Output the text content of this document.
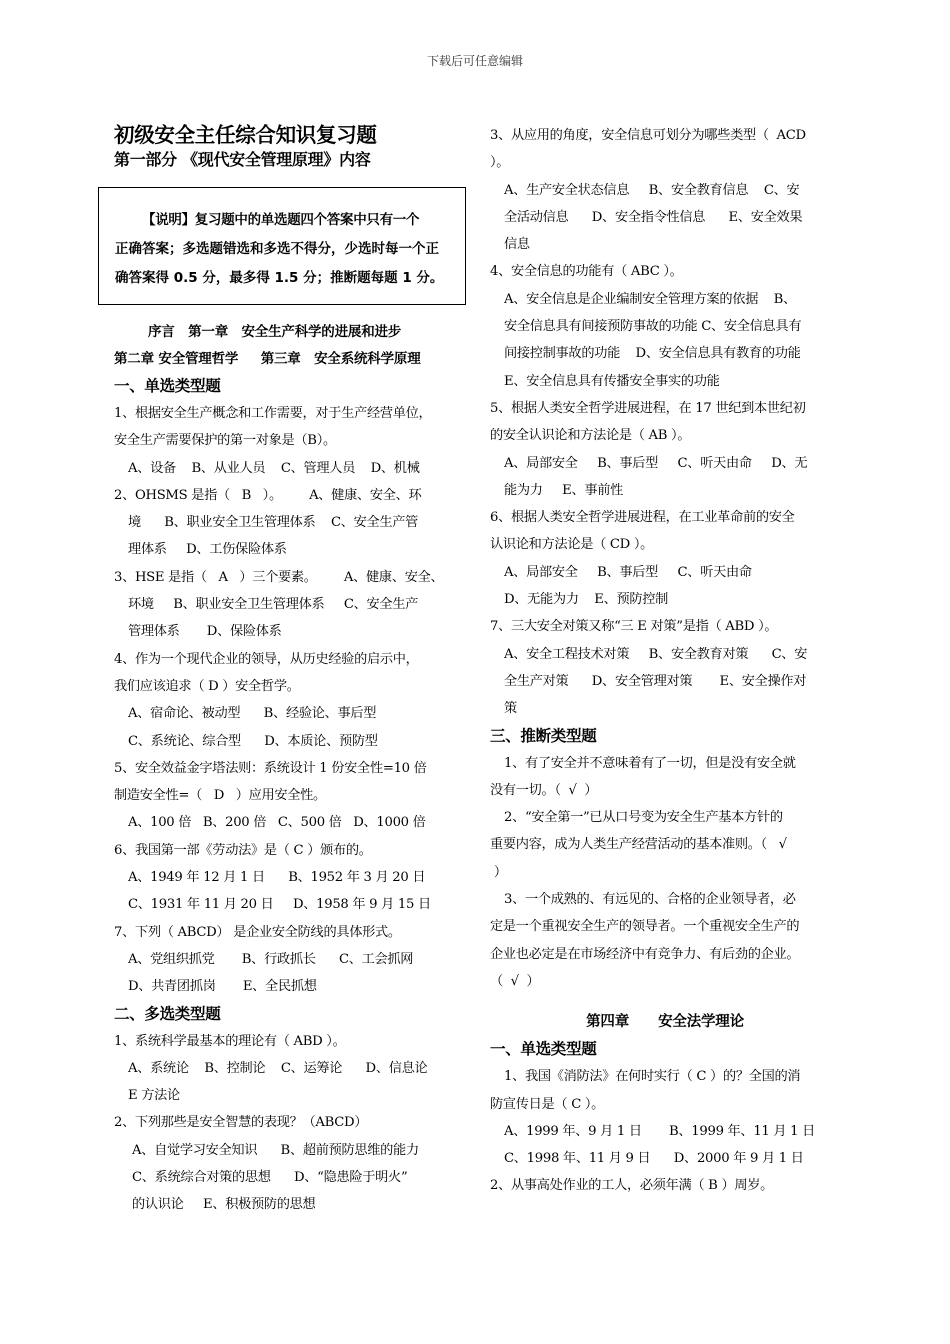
下载后可任意编辑
初级安全主任综合知识复习题
第一部分 《现代安全管理原理》内容
【说明】复习题中的单选题四个答案中只有一个
正确答案；多选题错选和多选不得分，少选时每一个正
确答案得 0.5 分，最多得 1.5 分；推断题每题 1 分。
序言   第一章   安全生产科学的进展和进步
第二章 安全管理哲学     第三章   安全系统科学原理
一、单选类型题
1、根据安全生产概念和工作需要，对于生产经营单位，
安全生产需要保护的第一对象是（B）。
A、设备    B、从业人员    C、管理人员    D、机械
2、OHSMS 是指（   B   ）。       A、健康、安全、环
境      B、职业安全卫生管理体系    C、安全生产管
理体系     D、工伤保险体系
3、HSE 是指（   A   ）三个要素。       A、健康、安全、
环境     B、职业安全卫生管理体系     C、安全生产
管理体系       D、保险体系
4、作为一个现代企业的领导，从历史经验的启示中，
我们应该追求（ D ）安全哲学。
A、宿命论、被动型      B、经验论、事后型
C、系统论、综合型      D、本质论、预防型
5、安全效益金字塔法则：系统设计 1 份安全性=10 倍
制造安全性=（   D   ）应用安全性。
A、100 倍   B、200 倍   C、500 倍   D、1000 倍
6、我国第一部《劳动法》是（ C ）颁布的。
A、1949 年 12 月 1 日      B、1952 年 3 月 20 日
C、1931 年 11 月 20 日     D、1958 年 9 月 15 日
7、下列（ ABCD） 是企业安全防线的具体形式。
A、党组织抓党       B、行政抓长      C、工会抓网
D、共青团抓岗       E、全民抓想
二、多选类型题
1、系统科学最基本的理论有（ ABD ）。
A、系统论    B、控制论    C、运筹论      D、信息论
E 方法论
2、下列那些是安全智慧的表现？（ABCD）
A、自觉学习安全知识      B、超前预防思维的能力
C、系统综合对策的思想      D、“隐患险于明火”
的认识论     E、积极预防的思想
3、从应用的角度，安全信息可划分为哪些类型（  ACD
）。
A、生产安全状态信息     B、安全教育信息    C、安
全活动信息      D、安全指令性信息      E、安全效果
信息
4、安全信息的功能有（ ABC ）。
A、安全信息是企业编制安全管理方案的依据    B、
安全信息具有间接预防事故的功能 C、安全信息具有
间接控制事故的功能    D、安全信息具有教育的功能
E、安全信息具有传播安全事实的功能
5、根据人类安全哲学进展进程，在 17 世纪到本世纪初
的安全认识论和方法论是（ AB ）。
A、局部安全     B、事后型     C、听天由命     D、无
能为力     E、事前性
6、根据人类安全哲学进展进程，在工业革命前的安全
认识论和方法论是（ CD ）。
A、局部安全     B、事后型     C、听天由命
D、无能为力    E、预防控制
7、三大安全对策又称“三 E 对策”是指（ ABD ）。
A、安全工程技术对策     B、安全教育对策      C、安
全生产对策      D、安全管理对策       E、安全操作对
策
三、推断类型题
1、有了安全并不意味着有了一切，但是没有安全就
没有一切。（  √  ）
2、“安全第一”已从口号变为安全生产基本方针的
重要内容，成为人类生产经营活动的基本准则。（   √
）
3、一个成熟的、有远见的、合格的企业领导者，必
定是一个重视安全生产的领导者。一个重视安全生产的
企业也必定是在市场经济中有竞争力、有后劲的企业。
（  √  ）
第四章      安全法学理论
一、单选类型题
1、我国《消防法》在何时实行（ C ）的？全国的消
防宣传日是（ C ）。
A、1999 年、9 月 1 日       B、1999 年、11 月 1 日
C、1998 年、11 月 9 日      D、2000 年 9 月 1 日
2、从事高处作业的工人，必须年满（ B ）周岁。
